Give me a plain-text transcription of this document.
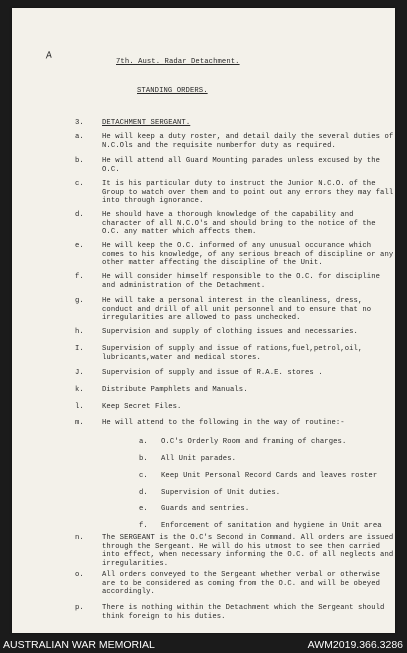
A	7th. Aust. Radar Detachment.
STANDING ORDERS.
3.	DETACHMENT SERGEANT.
a.	He will keep a duty roster, and detail daily the several duties of N.C.Ols and the requisite numberfor duty as required.
b.	He will attend all Guard Mounting parades unless excused by the O.C.
c.	It is his particular duty to instruct the Junior N.C.O. of the Group to watch over them and to point out any errors they may fall into through ignorance.
d.	He should have a thorough knowledge of the capability and character of all N.C.O's and should bring to the notice of the O.C. any matter which affects them.
e.	He will keep the O.C. informed of any unusual occurance which comes to his knowledge, of any serious breach of discipline or any other matter affecting the discipline of the Unit.
f.	He will consider himself responsible to the O.C. for discipline and administration of the Detachment.
g.	He will take a personal interest in the cleanliness, dress, conduct and drill of all unit personnel and to ensure that no irregularities are allowed to pass unchecked.
h.	Supervision and supply of clothing issues and necessaries.
I.	Supervision of supply and issue of rations,fuel,petrol,oil, lubricants,water and medical stores.
J.	Supervision of supply and issue of R.A.E. stores .
k.	Distribute Pamphlets and Manuals.
l.	Keep Secret Files.
m.	He will attend to the following in the way of routine:-
a. O.C's Orderly Room and framing of charges.
b. All Unit parades.
c. Keep Unit Personal Record Cards and leaves roster
d. Supervision of Unit duties.
e. Guards and sentries.
f. Enforcement of sanitation and hygiene in Unit area
n.	The SERGEANT is the O.C's Second in Command. All orders are issued through the Sergeant. He will do his utmost to see then carried into effect, when necessary informing the O.C. of all neglects and irregularities.
o.	All orders conveyed to the Sergeant whether verbal or otherwise are to be considered as coming from the O.C. and will be obeyed accordingly.
p.	There is nothing within the Detachment which the Sergeant should think foreign to his duties.
AUSTRALIAN WAR MEMORIAL	AWM2019.366.3286
